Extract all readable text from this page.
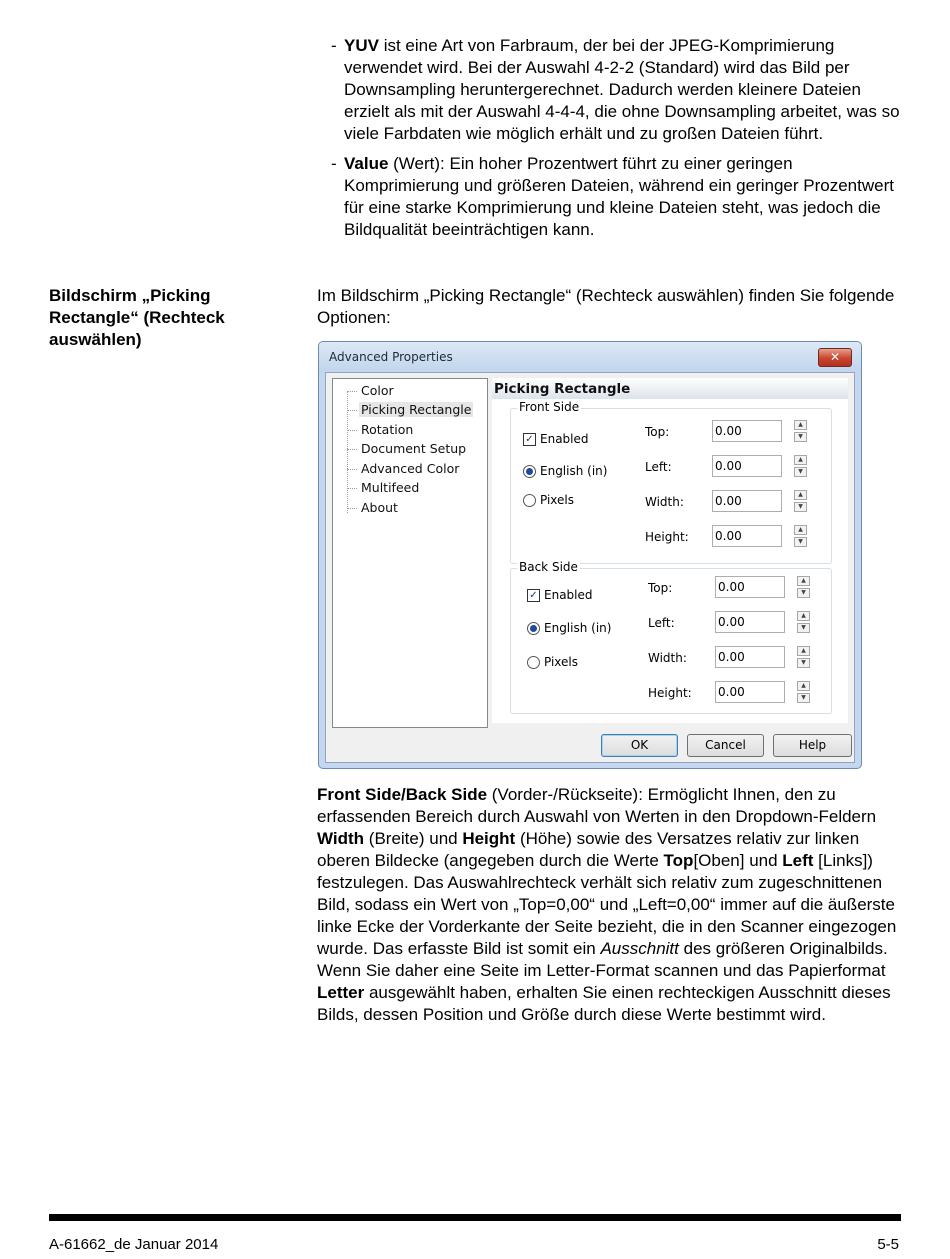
- YUV ist eine Art von Farbraum, der bei der JPEG-Komprimierung verwendet wird. Bei der Auswahl 4-2-2 (Standard) wird das Bild per Downsampling heruntergerechnet. Dadurch werden kleinere Dateien erzielt als mit der Auswahl 4-4-4, die ohne Downsampling arbeitet, was so viele Farbdaten wie möglich erhält und zu großen Dateien führt.
- Value (Wert): Ein hoher Prozentwert führt zu einer geringen Komprimierung und größeren Dateien, während ein geringer Prozentwert für eine starke Komprimierung und kleine Dateien steht, was jedoch die Bildqualität beeinträchtigen kann.
Bildschirm „Picking Rectangle“ (Rechteck auswählen)
Im Bildschirm „Picking Rectangle“ (Rechteck auswählen) finden Sie folgende Optionen:
Advanced Properties	✕
Color
Picking Rectangle
Rotation
Document Setup
Advanced Color
Multifeed
About
Picking Rectangle
Front Side
✓ Enabled
English (in)
Pixels
Top:	0.00	▲
▼
Left:	0.00	▲
▼
Width:	0.00	▲
▼
Height: 0.00	▲
▼
Back Side
✓ Enabled
English (in)
Pixels
Top:	0.00	▲
▼
Left:	0.00	▲
▼
Width:	0.00	▲
▼
Height: 0.00	▲
▼
OK	Cancel	Help
Front Side/Back Side (Vorder-/Rückseite): Ermöglicht Ihnen, den zu erfassenden Bereich durch Auswahl von Werten in den Dropdown-Feldern Width (Breite) und Height (Höhe) sowie des Versatzes relativ zur linken oberen Bildecke (angegeben durch die Werte Top[Oben] und Left [Links]) festzulegen. Das Auswahlrechteck verhält sich relativ zum zugeschnittenen Bild, sodass ein Wert von „Top=0,00“ und „Left=0,00“ immer auf die äußerste linke Ecke der Vorderkante der Seite bezieht, die in den Scanner eingezogen wurde. Das erfasste Bild ist somit ein Ausschnitt des größeren Originalbilds. Wenn Sie daher eine Seite im Letter-Format scannen und das Papierformat Letter ausgewählt haben, erhalten Sie einen rechteckigen Ausschnitt dieses Bilds, dessen Position und Größe durch diese Werte bestimmt wird.
A-61662_de Januar 2014	5-5
